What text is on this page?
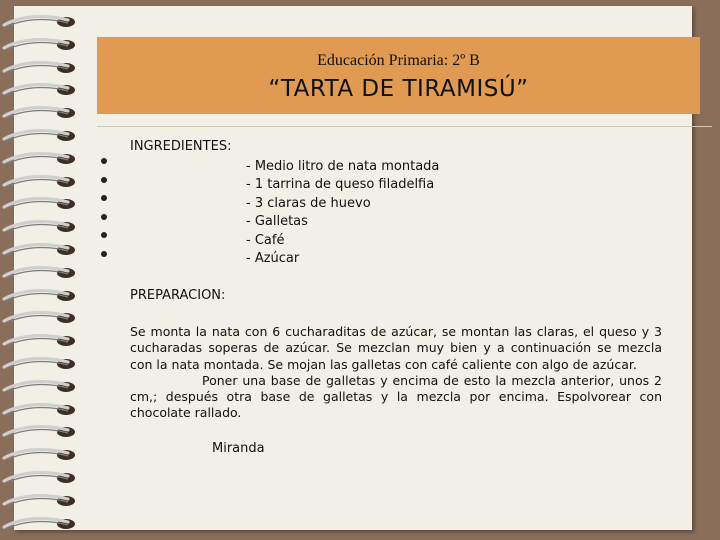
Educación Primaria: 2º B
“TARTA DE TIRAMISÚ”
INGREDIENTES:
- Medio litro de nata montada
- 1 tarrina de queso filadelfia
- 3 claras de huevo
- Galletas
- Café
- Azúcar
PREPARACION:
Se monta la nata con 6 cucharaditas de azúcar, se montan las claras, el queso y 3 cucharadas soperas de azúcar. Se mezclan muy bien y a continuación se mezcla con la nata montada. Se mojan las galletas con café caliente con algo de azúcar.
Poner una base de galletas y encima de esto la mezcla anterior, unos 2 cm,; después otra base de galletas y la mezcla por encima. Espolvorear con chocolate rallado.
Miranda
